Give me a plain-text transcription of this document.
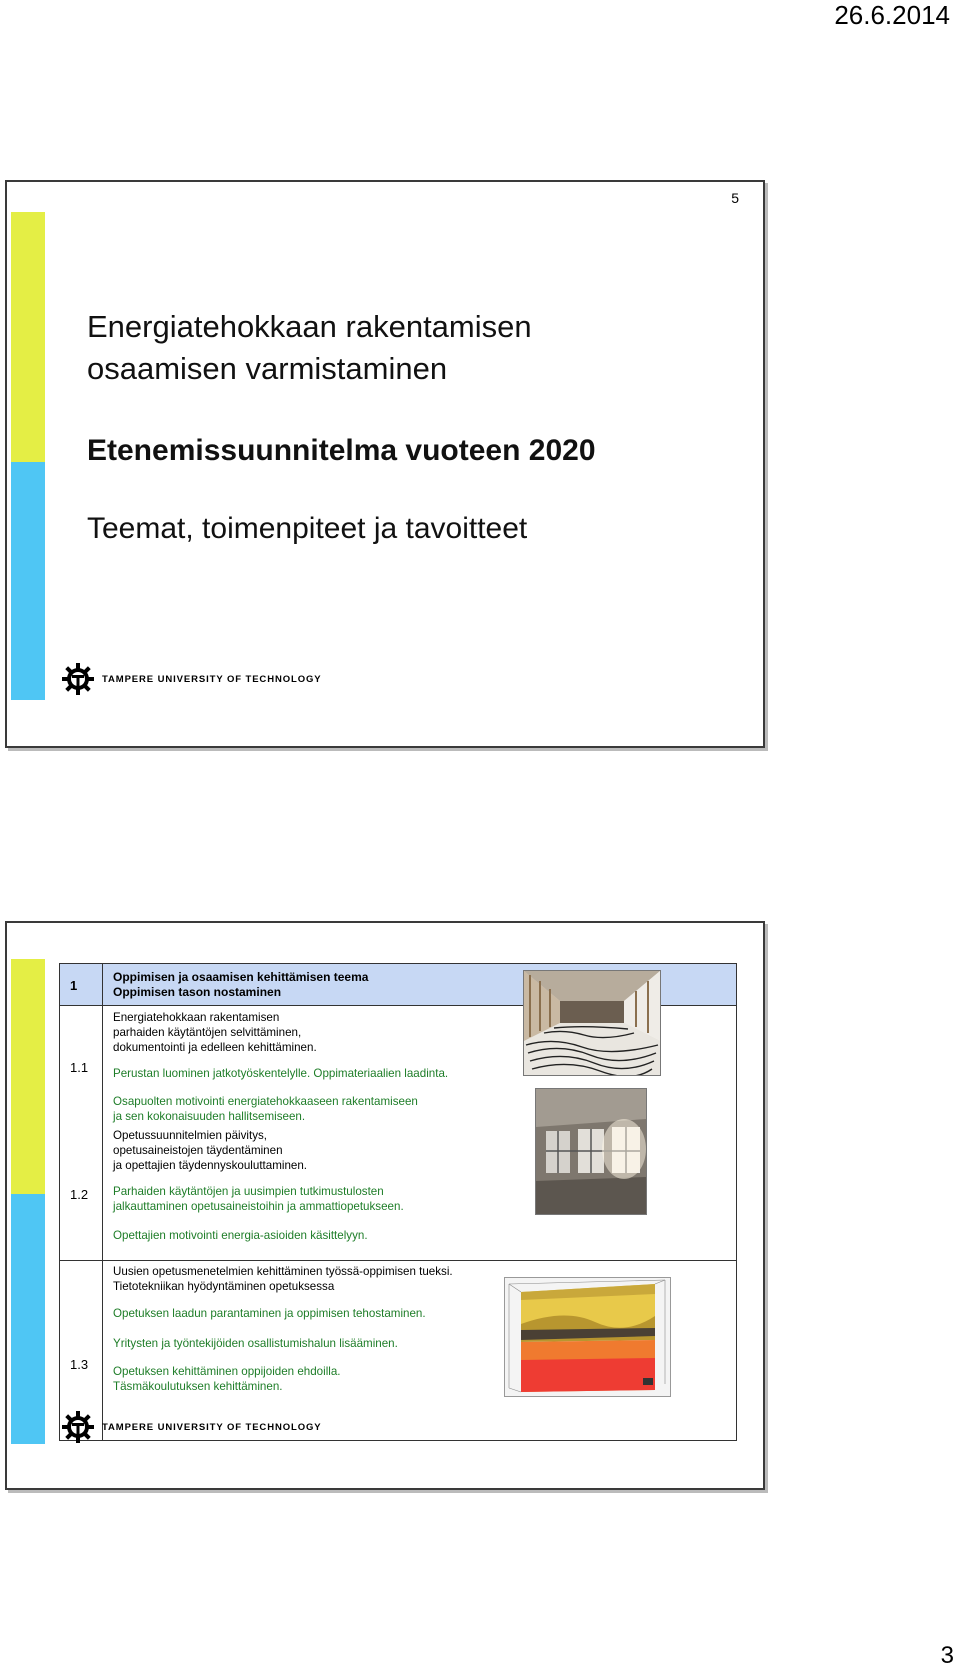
26.6.2014
5
Energiatehokkaan rakentamisen
osaamisen varmistaminen
Etenemissuunnitelma vuoteen 2020
Teemat, toimenpiteet ja tavoitteet
TAMPERE UNIVERSITY OF TECHNOLOGY
1
Oppimisen ja osaamisen kehittämisen teema
Oppimisen tason nostaminen
1.1
Energiatehokkaan rakentamisen
parhaiden käytäntöjen selvittäminen,
dokumentointi ja edelleen kehittäminen.
Perustan luominen jatkotyöskentelylle. Oppimateriaalien laadinta.
Osapuolten motivointi energiatehokkaaseen rakentamiseen
ja sen kokonaisuuden hallitsemiseen.
1.2
Opetussuunnitelmien päivitys,
opetusaineistojen täydentäminen
ja opettajien täydennyskouluttaminen.
Parhaiden käytäntöjen ja uusimpien tutkimustulosten
jalkauttaminen opetusaineistoihin ja ammattiopetukseen.
Opettajien motivointi energia-asioiden käsittelyyn.
1.3
Uusien opetusmenetelmien kehittäminen työssä-oppimisen tueksi.
Tietotekniikan hyödyntäminen opetuksessa
Opetuksen laadun parantaminen ja oppimisen tehostaminen.
Yritysten ja työntekijöiden osallistumishalun lisääminen.
Opetuksen kehittäminen oppijoiden ehdoilla.
Täsmäkoulutuksen kehittäminen.
TAMPERE UNIVERSITY OF TECHNOLOGY
3
